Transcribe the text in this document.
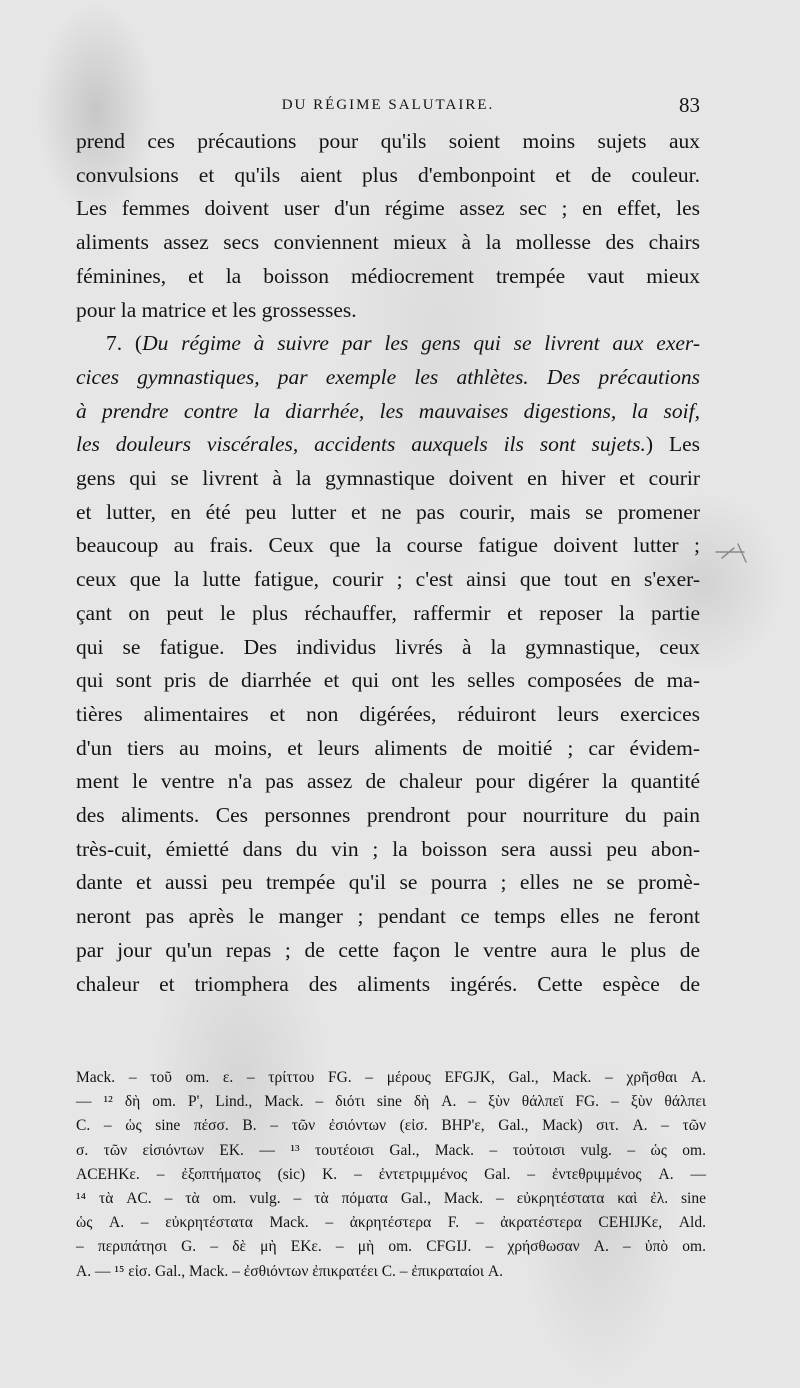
DU RÉGIME SALUTAIRE.	83
prend ces précautions pour qu'ils soient moins sujets aux
convulsions et qu'ils aient plus d'embonpoint et de couleur.
Les femmes doivent user d'un régime assez sec ; en effet, les
aliments assez secs conviennent mieux à la mollesse des chairs
féminines, et la boisson médiocrement trempée vaut mieux
pour la matrice et les grossesses.
7. (Du régime à suivre par les gens qui se livrent aux exer-
cices gymnastiques, par exemple les athlètes. Des précautions
à prendre contre la diarrhée, les mauvaises digestions, la soif,
les douleurs viscérales, accidents auxquels ils sont sujets.) Les
gens qui se livrent à la gymnastique doivent en hiver et courir
et lutter, en été peu lutter et ne pas courir, mais se promener
beaucoup au frais. Ceux que la course fatigue doivent lutter ;
ceux que la lutte fatigue, courir ; c'est ainsi que tout en s'exer-
çant on peut le plus réchauffer, raffermir et reposer la partie
qui se fatigue. Des individus livrés à la gymnastique, ceux
qui sont pris de diarrhée et qui ont les selles composées de ma-
tières alimentaires et non digérées, réduiront leurs exercices
d'un tiers au moins, et leurs aliments de moitié ; car évidem-
ment le ventre n'a pas assez de chaleur pour digérer la quantité
des aliments. Ces personnes prendront pour nourriture du pain
très-cuit, émietté dans du vin ; la boisson sera aussi peu abon-
dante et aussi peu trempée qu'il se pourra ; elles ne se promè-
neront pas après le manger ; pendant ce temps elles ne feront
par jour qu'un repas ; de cette façon le ventre aura le plus de
chaleur et triomphera des aliments ingérés. Cette espèce de
Mack. – τοῦ om. ε. – τρίττου FG. – μέρους EFGJK, Gal., Mack. – χρῆσθαι A.
— ¹² δὴ om. P', Lind., Mack. – διότι sine δὴ A. – ξὺν θάλπεϊ FG. – ξὺν θάλπει
C. – ὡς sine πέσσ. B. – τῶν ἐσιόντων (εἰσ. BHP'ε, Gal., Mack) σιτ. A. – τῶν
σ. τῶν εἰσιόντων EK. — ¹³ τουτέοισι Gal., Mack. – τούτοισι vulg. – ὡς om.
ACEHKε. – ἐξοπτήματος (sic) K. – ἐντετριμμένος Gal. – ἐντεθριμμένος A. —
¹⁴ τὰ AC. – τὰ om. vulg. – τὰ πόματα Gal., Mack. – εὐκρητέστατα καὶ ἐλ. sine
ὡς A. – εὐκρητέστατα Mack. – ἀκρητέστερα F. – ἀκρατέστερα CEHIJKε, Ald.
– περιπάτησι G. – δὲ μὴ EKε. – μὴ om. CFGIJ. – χρήσθωσαν A. – ὑπὸ om.
A. — ¹⁵ εἰσ. Gal., Mack. – ἐσθιόντων ἐπικρατέει C. – ἐπικραταίοι A.
